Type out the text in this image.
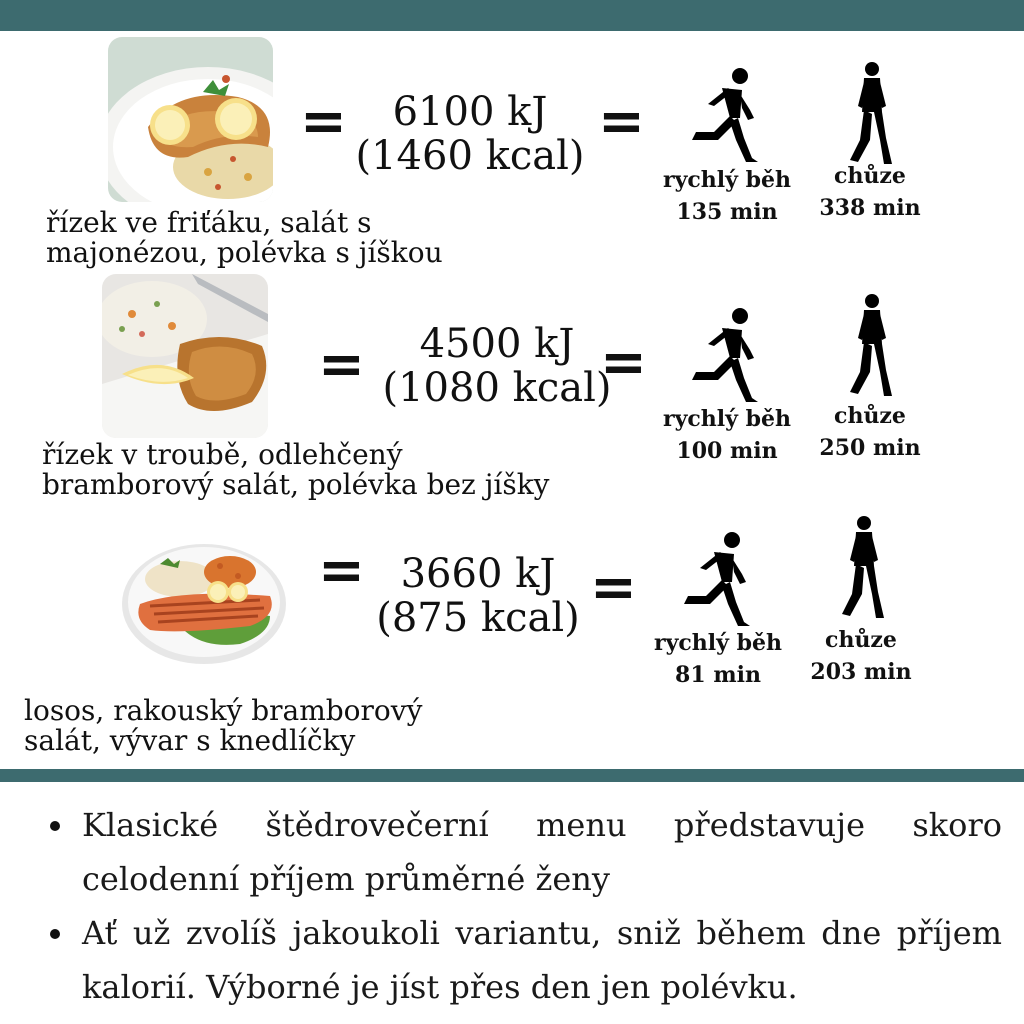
=	6100 kJ
(1460 kcal)
=
rychlý běh
135 min
chůze
338 min
řízek ve friťáku, salát s
majonézou, polévka s jíškou
=	4500 kJ
(1080 kcal)
=
rychlý běh
100 min
chůze
250 min
řízek v troubě, odlehčený
bramborový salát, polévka bez jíšky
= 3660 kJ
(875 kcal) =
rychlý běh
81 min
chůze
203 min
losos, rakouský bramborový
salát, vývar s knedlíčky
Klasické štědrovečerní menu představuje skoro celodenní příjem průměrné ženy
Ať už zvolíš jakoukoli variantu, sniž během dne příjem kalorií. Výborné je jíst přes den jen polévku.
